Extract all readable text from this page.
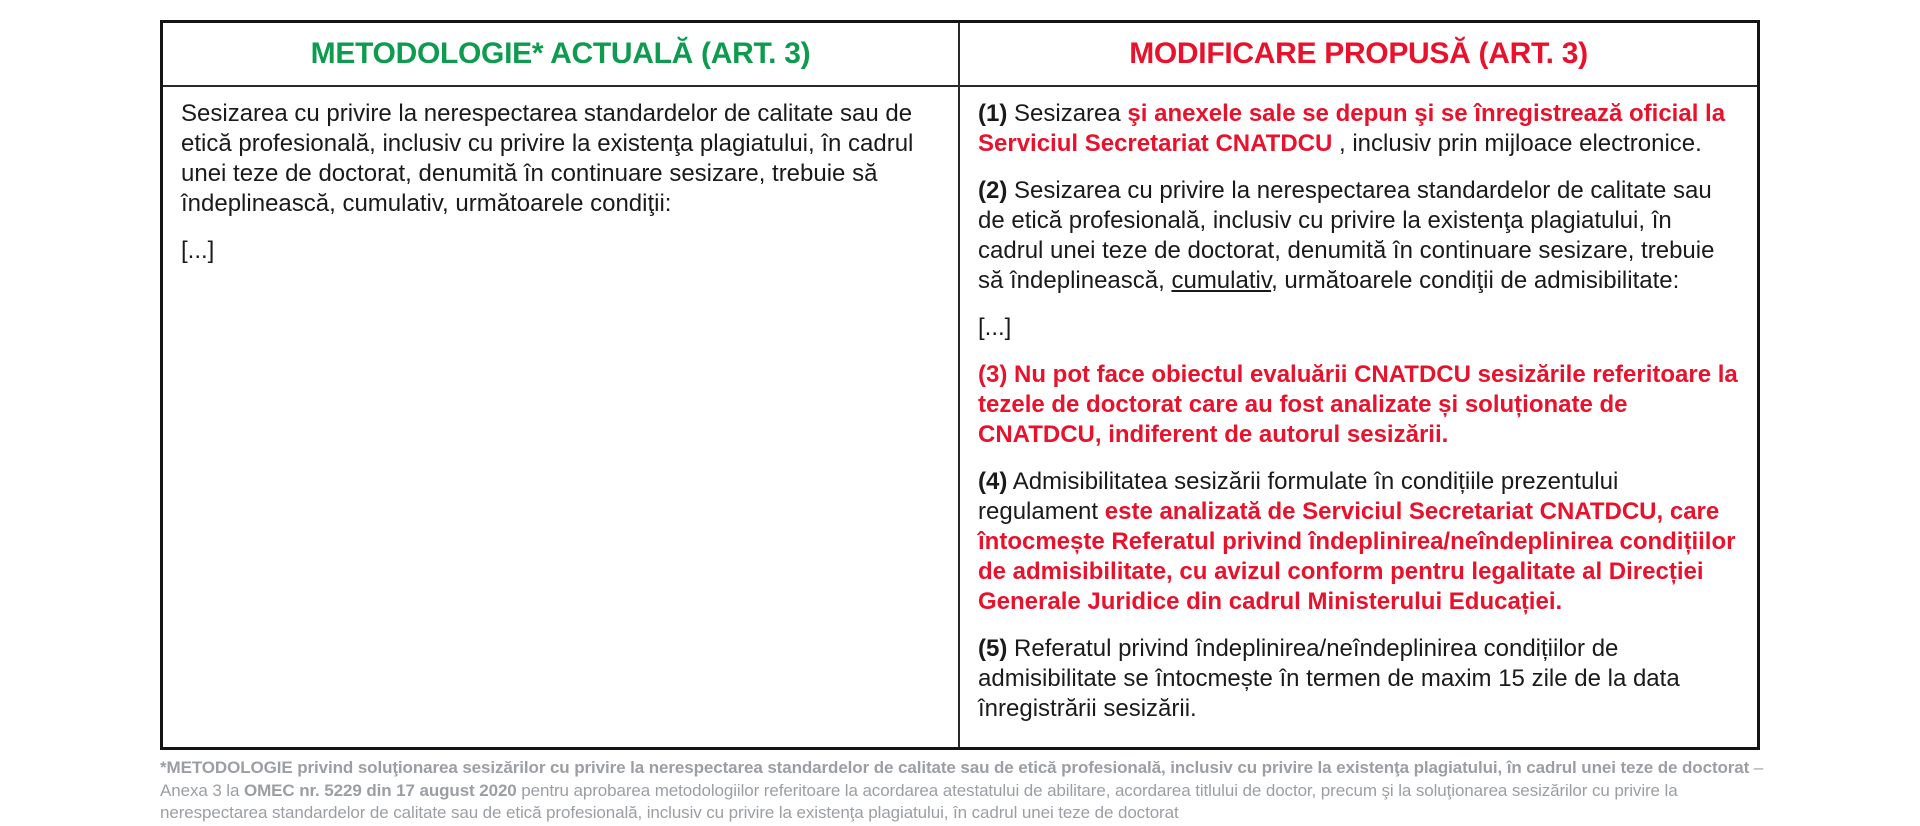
METODOLOGIE* ACTUALĂ (ART. 3)	MODIFICARE PROPUSĂ (ART. 3)
Sesizarea cu privire la nerespectarea standardelor de calitate sau de etică profesională, inclusiv cu privire la existenţa plagiatului, în cadrul unei teze de doctorat, denumită în continuare sesizare, trebuie să îndeplinească, cumulativ, următoarele condiţii:
[...]
(1) Sesizarea şi anexele sale se depun şi se înregistrează oficial la Serviciul Secretariat CNATDCU , inclusiv prin mijloace electronice.
(2) Sesizarea cu privire la nerespectarea standardelor de calitate sau de etică profesională, inclusiv cu privire la existenţa plagiatului, în cadrul unei teze de doctorat, denumită în continuare sesizare, trebuie să îndeplinească, cumulativ, următoarele condiţii de admisibilitate:
[...]
(3) Nu pot face obiectul evaluării CNATDCU sesizările referitoare la tezele de doctorat care au fost analizate și soluționate de CNATDCU, indiferent de autorul sesizării.
(4) Admisibilitatea sesizării formulate în condițiile prezentului regulament este analizată de Serviciul Secretariat CNATDCU, care întocmește Referatul privind îndeplinirea/neîndeplinirea condițiilor de admisibilitate, cu avizul conform pentru legalitate al Direcției Generale Juridice din cadrul Ministerului Educației.
(5) Referatul privind îndeplinirea/neîndeplinirea condițiilor de admisibilitate se întocmește în termen de maxim 15 zile de la data înregistrării sesizării.
*METODOLOGIE privind soluţionarea sesizărilor cu privire la nerespectarea standardelor de calitate sau de etică profesională, inclusiv cu privire la existenţa plagiatului, în cadrul unei teze de doctorat –
Anexa 3 la OMEC nr. 5229 din 17 august 2020 pentru aprobarea metodologiilor referitoare la acordarea atestatului de abilitare, acordarea titlului de doctor, precum şi la soluţionarea sesizărilor cu privire la
nerespectarea standardelor de calitate sau de etică profesională, inclusiv cu privire la existenţa plagiatului, în cadrul unei teze de doctorat
